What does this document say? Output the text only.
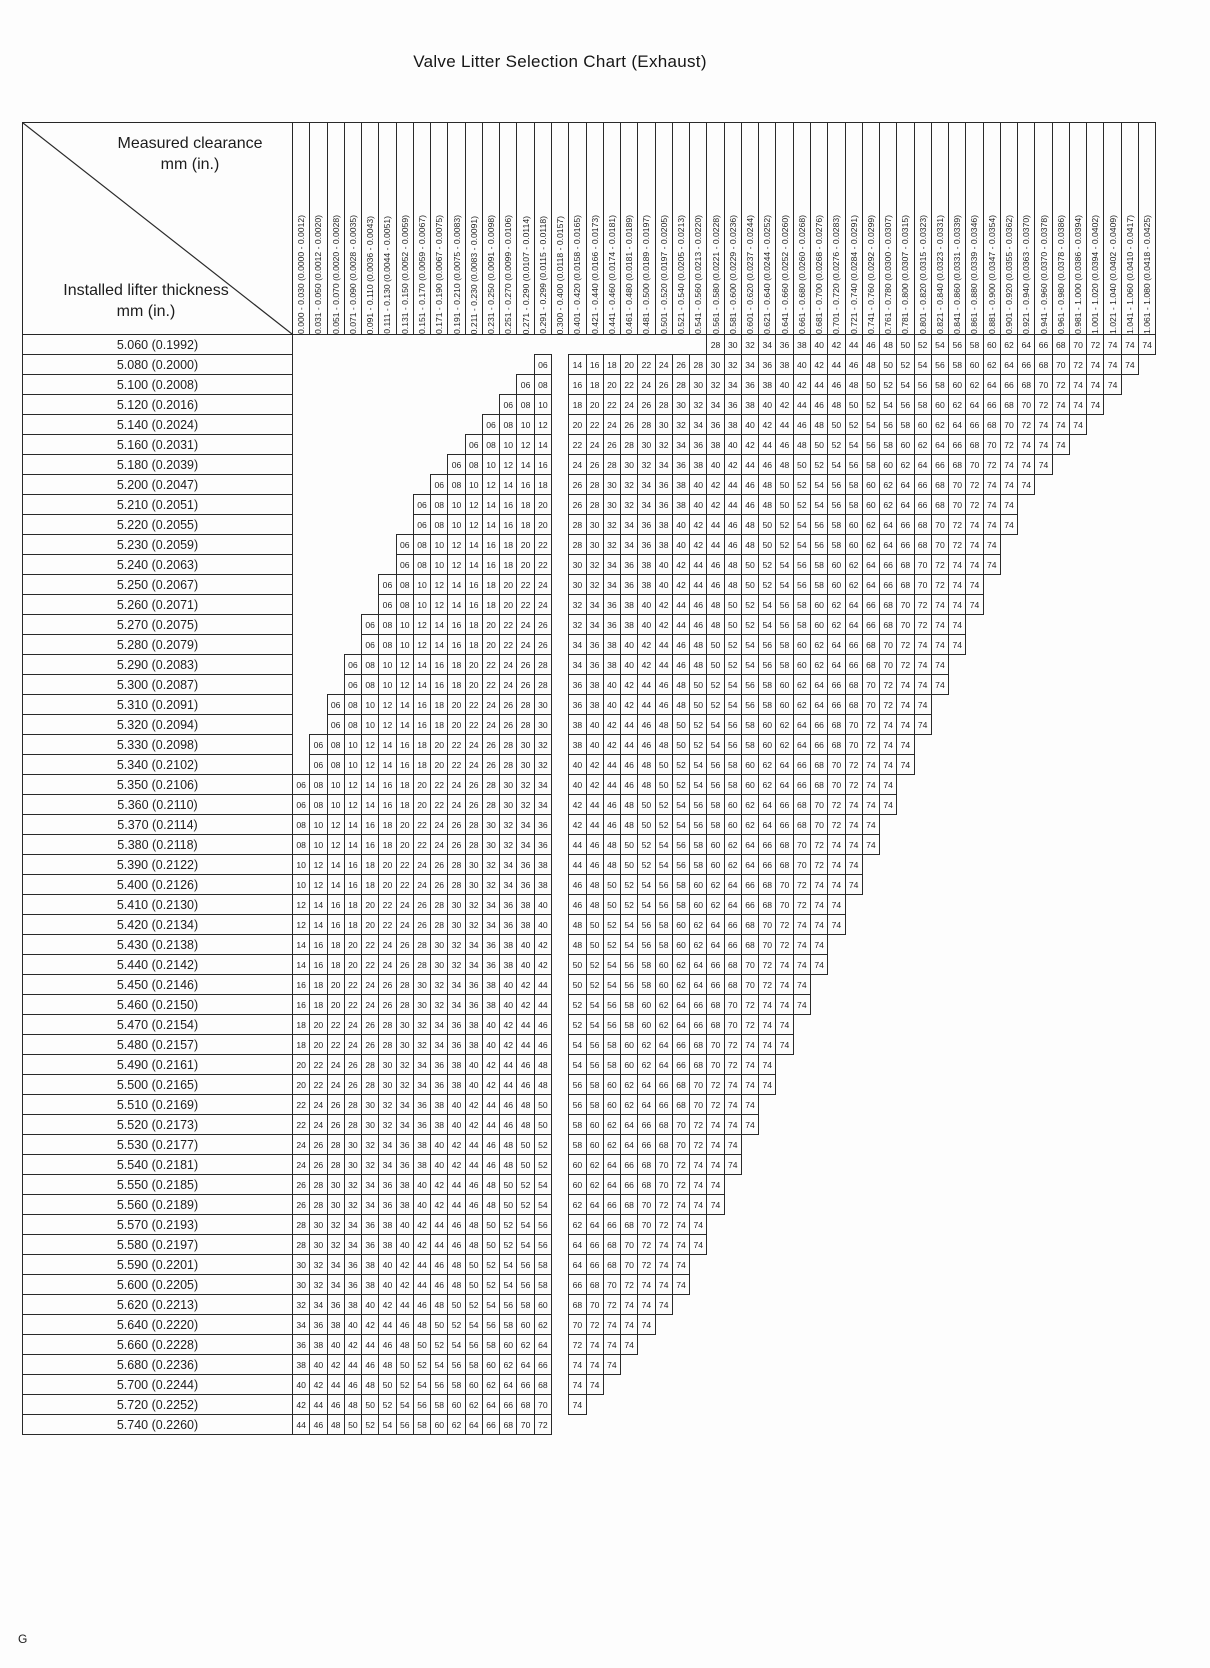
Valve Litter Selection Chart (Exhaust)
Measured clearance
mm (in.)
Installed lifter thickness
mm (in.)	0.000 - 0.030 (0.0000 - 0.0012)	0.031 - 0.050 (0.0012 - 0.0020)	0.051 - 0.070 (0.0020 - 0.0028)	0.071 - 0.090 (0.0028 - 0.0035)	0.091 - 0.110 (0.0036 - 0.0043)	0.111 - 0.130 (0.0044 - 0.0051)	0.131 - 0.150 (0.0052 - 0.0059)	0.151 - 0.170 (0.0059 - 0.0067)	0.171 - 0.190 (0.0067 - 0.0075)	0.191 - 0.210 (0.0075 - 0.0083)	0.211 - 0.230 (0.0083 - 0.0091)	0.231 - 0.250 (0.0091 - 0.0098)	0.251 - 0.270 (0.0099 - 0.0106)	0.271 - 0.290 (0.0107 - 0.0114)	0.291 - 0.299 (0.0115 - 0.0118)	0.300 - 0.400 (0.0118 - 0.0157)	0.401 - 0.420 (0.0158 - 0.0165)	0.421 - 0.440 (0.0166 - 0.0173)	0.441 - 0.460 (0.0174 - 0.0181)	0.461 - 0.480 (0.0181 - 0.0189)	0.481 - 0.500 (0.0189 - 0.0197)	0.501 - 0.520 (0.0197 - 0.0205)	0.521 - 0.540 (0.0205 - 0.0213)	0.541 - 0.560 (0.0213 - 0.0220)	0.561 - 0.580 (0.0221 - 0.0228)	0.581 - 0.600 (0.0229 - 0.0236)	0.601 - 0.620 (0.0237 - 0.0244)	0.621 - 0.640 (0.0244 - 0.0252)	0.641 - 0.660 (0.0252 - 0.0260)	0.661 - 0.680 (0.0260 - 0.0268)	0.681 - 0.700 (0.0268 - 0.0276)	0.701 - 0.720 (0.0276 - 0.0283)	0.721 - 0.740 (0.0284 - 0.0291)	0.741 - 0.760 (0.0292 - 0.0299)	0.761 - 0.780 (0.0300 - 0.0307)	0.781 - 0.800 (0.0307 - 0.0315)	0.801 - 0.820 (0.0315 - 0.0323)	0.821 - 0.840 (0.0323 - 0.0331)	0.841 - 0.860 (0.0331 - 0.0339)	0.861 - 0.880 (0.0339 - 0.0346)	0.881 - 0.900 (0.0347 - 0.0354)	0.901 - 0.920 (0.0355 - 0.0362)	0.921 - 0.940 (0.0363 - 0.0370)	0.941 - 0.960 (0.0370 - 0.0378)	0.961 - 0.980 (0.0378 - 0.0386)	0.981 - 1.000 (0.0386 - 0.0394)	1.001 - 1.020 (0.0394 - 0.0402)	1.021 - 1.040 (0.0402 - 0.0409)	1.041 - 1.060 (0.0410 - 0.0417)	1.061 - 1.080 (0.0418 - 0.0425)

5.060 (0.1992)																									28	30	32	34	36	38	40	42	44	46	48	50	52	54	56	58	60	62	64	66	68	70	72	74	74	74
5.080 (0.2000)															06		14	16	18	20	22	24	26	28	30	32	34	36	38	40	42	44	46	48	50	52	54	56	58	60	62	64	66	68	70	72	74	74	74	
5.100 (0.2008)														06	08		16	18	20	22	24	26	28	30	32	34	36	38	40	42	44	46	48	50	52	54	56	58	60	62	64	66	68	70	72	74	74	74		
5.120 (0.2016)													06	08	10		18	20	22	24	26	28	30	32	34	36	38	40	42	44	46	48	50	52	54	56	58	60	62	64	66	68	70	72	74	74	74			
5.140 (0.2024)												06	08	10	12		20	22	24	26	28	30	32	34	36	38	40	42	44	46	48	50	52	54	56	58	60	62	64	66	68	70	72	74	74	74				
5.160 (0.2031)											06	08	10	12	14		22	24	26	28	30	32	34	36	38	40	42	44	46	48	50	52	54	56	58	60	62	64	66	68	70	72	74	74	74					
5.180 (0.2039)										06	08	10	12	14	16		24	26	28	30	32	34	36	38	40	42	44	46	48	50	52	54	56	58	60	62	64	66	68	70	72	74	74	74						
5.200 (0.2047)									06	08	10	12	14	16	18		26	28	30	32	34	36	38	40	42	44	46	48	50	52	54	56	58	60	62	64	66	68	70	72	74	74	74							
5.210 (0.2051)								06	08	10	12	14	16	18	20		26	28	30	32	34	36	38	40	42	44	46	48	50	52	54	56	58	60	62	64	66	68	70	72	74	74								
5.220 (0.2055)								06	08	10	12	14	16	18	20		28	30	32	34	36	38	40	42	44	46	48	50	52	54	56	58	60	62	64	66	68	70	72	74	74	74								
5.230 (0.2059)							06	08	10	12	14	16	18	20	22		28	30	32	34	36	38	40	42	44	46	48	50	52	54	56	58	60	62	64	66	68	70	72	74	74									
5.240 (0.2063)							06	08	10	12	14	16	18	20	22		30	32	34	36	38	40	42	44	46	48	50	52	54	56	58	60	62	64	66	68	70	72	74	74	74									
5.250 (0.2067)						06	08	10	12	14	16	18	20	22	24		30	32	34	36	38	40	42	44	46	48	50	52	54	56	58	60	62	64	66	68	70	72	74	74										
5.260 (0.2071)						06	08	10	12	14	16	18	20	22	24		32	34	36	38	40	42	44	46	48	50	52	54	56	58	60	62	64	66	68	70	72	74	74	74										
5.270 (0.2075)					06	08	10	12	14	16	18	20	22	24	26		32	34	36	38	40	42	44	46	48	50	52	54	56	58	60	62	64	66	68	70	72	74	74											
5.280 (0.2079)					06	08	10	12	14	16	18	20	22	24	26		34	36	38	40	42	44	46	48	50	52	54	56	58	60	62	64	66	68	70	72	74	74	74											
5.290 (0.2083)				06	08	10	12	14	16	18	20	22	24	26	28		34	36	38	40	42	44	46	48	50	52	54	56	58	60	62	64	66	68	70	72	74	74												
5.300 (0.2087)				06	08	10	12	14	16	18	20	22	24	26	28		36	38	40	42	44	46	48	50	52	54	56	58	60	62	64	66	68	70	72	74	74	74												
5.310 (0.2091)			06	08	10	12	14	16	18	20	22	24	26	28	30		36	38	40	42	44	46	48	50	52	54	56	58	60	62	64	66	68	70	72	74	74													
5.320 (0.2094)			06	08	10	12	14	16	18	20	22	24	26	28	30		38	40	42	44	46	48	50	52	54	56	58	60	62	64	66	68	70	72	74	74	74													
5.330 (0.2098)		06	08	10	12	14	16	18	20	22	24	26	28	30	32		38	40	42	44	46	48	50	52	54	56	58	60	62	64	66	68	70	72	74	74														
5.340 (0.2102)		06	08	10	12	14	16	18	20	22	24	26	28	30	32		40	42	44	46	48	50	52	54	56	58	60	62	64	66	68	70	72	74	74	74														
5.350 (0.2106)	06	08	10	12	14	16	18	20	22	24	26	28	30	32	34		40	42	44	46	48	50	52	54	56	58	60	62	64	66	68	70	72	74	74															
5.360 (0.2110)	06	08	10	12	14	16	18	20	22	24	26	28	30	32	34		42	44	46	48	50	52	54	56	58	60	62	64	66	68	70	72	74	74	74															
5.370 (0.2114)	08	10	12	14	16	18	20	22	24	26	28	30	32	34	36		42	44	46	48	50	52	54	56	58	60	62	64	66	68	70	72	74	74																
5.380 (0.2118)	08	10	12	14	16	18	20	22	24	26	28	30	32	34	36		44	46	48	50	52	54	56	58	60	62	64	66	68	70	72	74	74	74																
5.390 (0.2122)	10	12	14	16	18	20	22	24	26	28	30	32	34	36	38		44	46	48	50	52	54	56	58	60	62	64	66	68	70	72	74	74																	
5.400 (0.2126)	10	12	14	16	18	20	22	24	26	28	30	32	34	36	38		46	48	50	52	54	56	58	60	62	64	66	68	70	72	74	74	74																	
5.410 (0.2130)	12	14	16	18	20	22	24	26	28	30	32	34	36	38	40		46	48	50	52	54	56	58	60	62	64	66	68	70	72	74	74																		
5.420 (0.2134)	12	14	16	18	20	22	24	26	28	30	32	34	36	38	40		48	50	52	54	56	58	60	62	64	66	68	70	72	74	74	74																		
5.430 (0.2138)	14	16	18	20	22	24	26	28	30	32	34	36	38	40	42		48	50	52	54	56	58	60	62	64	66	68	70	72	74	74																			
5.440 (0.2142)	14	16	18	20	22	24	26	28	30	32	34	36	38	40	42		50	52	54	56	58	60	62	64	66	68	70	72	74	74	74																			
5.450 (0.2146)	16	18	20	22	24	26	28	30	32	34	36	38	40	42	44		50	52	54	56	58	60	62	64	66	68	70	72	74	74																				
5.460 (0.2150)	16	18	20	22	24	26	28	30	32	34	36	38	40	42	44		52	54	56	58	60	62	64	66	68	70	72	74	74	74																				
5.470 (0.2154)	18	20	22	24	26	28	30	32	34	36	38	40	42	44	46		52	54	56	58	60	62	64	66	68	70	72	74	74																					
5.480 (0.2157)	18	20	22	24	26	28	30	32	34	36	38	40	42	44	46		54	56	58	60	62	64	66	68	70	72	74	74	74																					
5.490 (0.2161)	20	22	24	26	28	30	32	34	36	38	40	42	44	46	48		54	56	58	60	62	64	66	68	70	72	74	74																						
5.500 (0.2165)	20	22	24	26	28	30	32	34	36	38	40	42	44	46	48		56	58	60	62	64	66	68	70	72	74	74	74																						
5.510 (0.2169)	22	24	26	28	30	32	34	36	38	40	42	44	46	48	50		56	58	60	62	64	66	68	70	72	74	74																							
5.520 (0.2173)	22	24	26	28	30	32	34	36	38	40	42	44	46	48	50		58	60	62	64	66	68	70	72	74	74	74																							
5.530 (0.2177)	24	26	28	30	32	34	36	38	40	42	44	46	48	50	52		58	60	62	64	66	68	70	72	74	74																								
5.540 (0.2181)	24	26	28	30	32	34	36	38	40	42	44	46	48	50	52		60	62	64	66	68	70	72	74	74	74																								
5.550 (0.2185)	26	28	30	32	34	36	38	40	42	44	46	48	50	52	54		60	62	64	66	68	70	72	74	74																									
5.560 (0.2189)	26	28	30	32	34	36	38	40	42	44	46	48	50	52	54		62	64	66	68	70	72	74	74	74																									
5.570 (0.2193)	28	30	32	34	36	38	40	42	44	46	48	50	52	54	56		62	64	66	68	70	72	74	74																										
5.580 (0.2197)	28	30	32	34	36	38	40	42	44	46	48	50	52	54	56		64	66	68	70	72	74	74	74																										
5.590 (0.2201)	30	32	34	36	38	40	42	44	46	48	50	52	54	56	58		64	66	68	70	72	74	74																											
5.600 (0.2205)	30	32	34	36	38	40	42	44	46	48	50	52	54	56	58		66	68	70	72	74	74	74																											
5.620 (0.2213)	32	34	36	38	40	42	44	46	48	50	52	54	56	58	60		68	70	72	74	74	74																												
5.640 (0.2220)	34	36	38	40	42	44	46	48	50	52	54	56	58	60	62		70	72	74	74	74																													
5.660 (0.2228)	36	38	40	42	44	46	48	50	52	54	56	58	60	62	64		72	74	74	74																														
5.680 (0.2236)	38	40	42	44	46	48	50	52	54	56	58	60	62	64	66		74	74	74																															
5.700 (0.2244)	40	42	44	46	48	50	52	54	56	58	60	62	64	66	68		74	74																																
5.720 (0.2252)	42	44	46	48	50	52	54	56	58	60	62	64	66	68	70		74																																	
5.740 (0.2260)	44	46	48	50	52	54	56	58	60	62	64	66	68	70	72																																			
G
